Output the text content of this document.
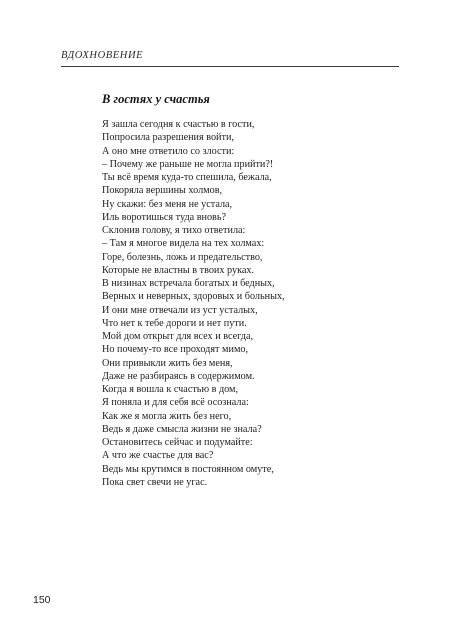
ВДОХНОВЕНИЕ
В гостях у счастья
Я зашла сегодня к счастью в гости,
Попросила разрешения войти,
А оно мне ответило со злости:
– Почему же раньше не могла прийти?!
Ты всё время куда-то спешила, бежала,
Покоряла вершины холмов,
Ну скажи: без меня не устала,
Иль воротишься туда вновь?
Склонив голову, я тихо ответила:
– Там я многое видела на тех холмах:
Горе, болезнь, ложь и предательство,
Которые не властны в твоих руках.
В низинах встречала богатых и бедных,
Верных и неверных, здоровых и больных,
И они мне отвечали из уст усталых,
Что нет к тебе дороги и нет пути.
Мой дом открыт для всех и всегда,
Но почему-то все проходят мимо,
Они привыкли жить без меня,
Даже не разбираясь в содержимом.
Когда я вошла к счастью в дом,
Я поняла и для себя всё осознала:
Как же я могла жить без него,
Ведь я даже смысла жизни не знала?
Остановитесь сейчас и подумайте:
А что же счастье для вас?
Ведь мы крутимся в постоянном омуте,
Пока свет свечи не угас.
150
